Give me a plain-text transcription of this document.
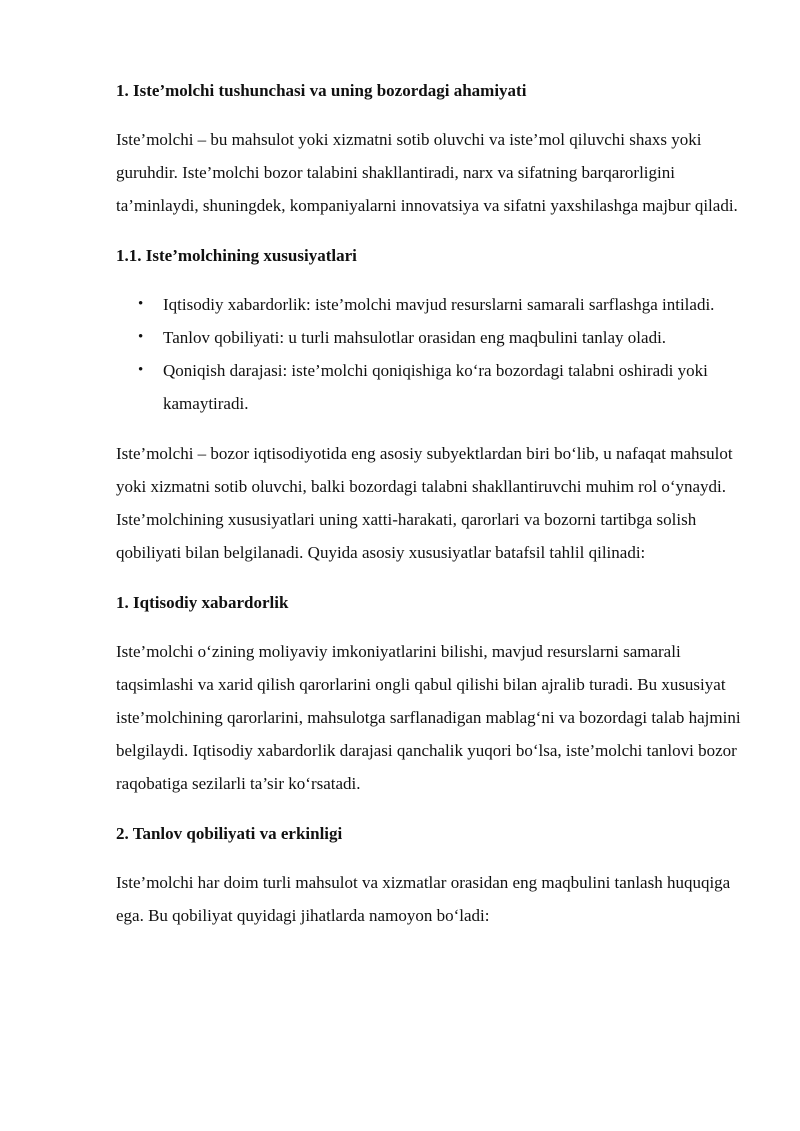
1. Iste’molchi tushunchasi va uning bozordagi ahamiyati

Iste’molchi – bu mahsulot yoki xizmatni sotib oluvchi va iste’mol qiluvchi shaxs yoki guruhdir. Iste’molchi bozor talabini shakllantiradi, narx va sifatning barqarorligini ta’minlaydi, shuningdek, kompaniyalarni innovatsiya va sifatni yaxshilashga majbur qiladi.

1.1. Iste’molchining xususiyatlari

• Iqtisodiy xabardorlik: iste’molchi mavjud resurslarni samarali sarflashga intiladi.
• Tanlov qobiliyati: u turli mahsulotlar orasidan eng maqbulini tanlay oladi.
• Qoniqish darajasi: iste’molchi qoniqishiga ko‘ra bozordagi talabni oshiradi yoki kamaytiradi.

Iste’molchi – bozor iqtisodiyotida eng asosiy subyektlardan biri bo‘lib, u nafaqat mahsulot yoki xizmatni sotib oluvchi, balki bozordagi talabni shakllantiruvchi muhim rol o‘ynaydi. Iste’molchining xususiyatlari uning xatti-harakati, qarorlari va bozorni tartibga solish qobiliyati bilan belgilanadi. Quyida asosiy xususiyatlar batafsil tahlil qilinadi:

1. Iqtisodiy xabardorlik

Iste’molchi o‘zining moliyaviy imkoniyatlarini bilishi, mavjud resurslarni samarali taqsimlashi va xarid qilish qarorlarini ongli qabul qilishi bilan ajralib turadi. Bu xususiyat iste’molchining qarorlarini, mahsulotga sarflanadigan mablag‘ni va bozordagi talab hajmini belgilaydi. Iqtisodiy xabardorlik darajasi qanchalik yuqori bo‘lsa, iste’molchi tanlovi bozor raqobatiga sezilarli ta’sir ko‘rsatadi.

2. Tanlov qobiliyati va erkinligi

Iste’molchi har doim turli mahsulot va xizmatlar orasidan eng maqbulini tanlash huquqiga ega. Bu qobiliyat quyidagi jihatlarda namoyon bo‘ladi:
